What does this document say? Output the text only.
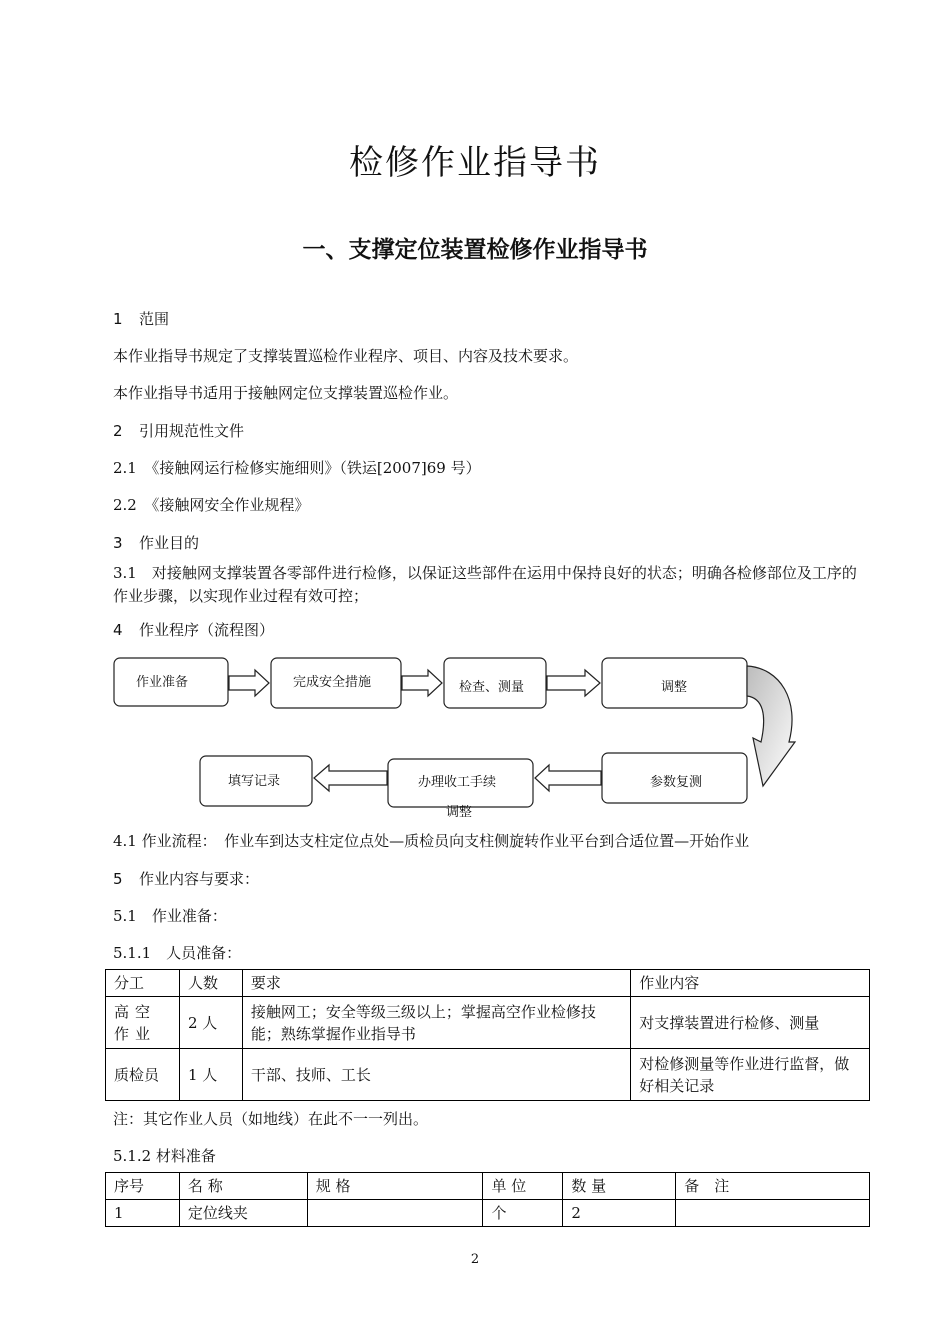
检修作业指导书
一、支撑定位装置检修作业指导书
1 范围
本作业指导书规定了支撑装置巡检作业程序、项目、内容及技术要求。
本作业指导书适用于接触网定位支撑装置巡检作业。
2 引用规范性文件
2.1　《接触网运行检修实施细则》（铁运[2007]69 号）
2.2　《接触网安全作业规程》
3 作业目的
3.1　对接触网支撑装置各零部件进行检修，以保证这些部件在运用中保持良好的状态；明确各检修部位及工序的作业步骤，以实现作业过程有效可控；
4 作业程序（流程图）
作业准备	完成安全措施	检查、测量	调整
参数复测
办理收工手续
填写记录
调整
4.1 作业流程：　作业车到达支柱定位点处—质检员向支柱侧旋转作业平台到合适位置—开始作业
5 作业内容与要求：
5.1　作业准备：
5.1.1　人员准备：
分工	人数	要求	作业内容
高空作业	2 人	接触网工；安全等级三级以上；掌握高空作业检修技能；熟练掌握作业指导书	对支撑装置进行检修、测量
质检员	1 人	干部、技师、工长	对检修测量等作业进行监督，做好相关记录
注：其它作业人员（如地线）在此不一一列出。
5.1.2 材料准备
序号	名 称	规 格	单 位	数 量	备　注
1	定位线夹		个	2	
2
